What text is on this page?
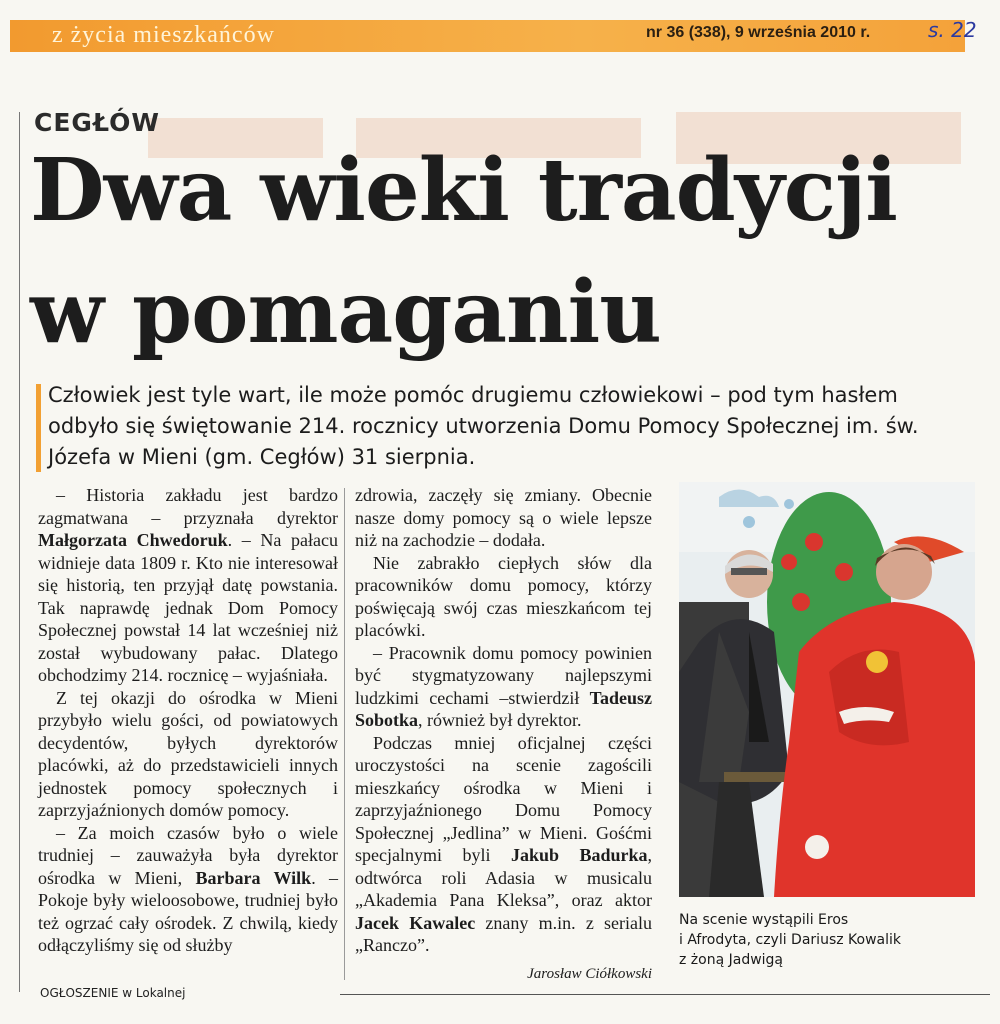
z życia mieszkańców	nr 36 (338), 9 września 2010 r.	s. 22
CEGŁÓW
Dwa wieki tradycji
w pomaganiu
Człowiek jest tyle wart, ile może pomóc drugiemu człowiekowi – pod tym hasłem odbyło się świętowanie 214. rocznicy utworzenia Domu Pomocy Społecznej im. św. Józefa w Mieni (gm. Cegłów) 31 sierpnia.

– Historia zakładu jest bardzo zagmatwana – przyznała dyrektor Małgorzata Chwedoruk. – Na pałacu widnieje data 1809 r. Kto nie interesował się historią, ten przyjął datę powstania. Tak naprawdę jednak Dom Pomocy Społecznej powstał 14 lat wcześniej niż został wybudowany pałac. Dlatego obchodzimy 214. rocznicę – wyjaśniała.

Z tej okazji do ośrodka w Mieni przybyło wielu gości, od powiatowych decydentów, byłych dyrektorów placówki, aż do przedstawicieli innych jednostek pomocy społecznych i zaprzyjaźnionych domów pomocy.

– Za moich czasów było o wiele trudniej – zauważyła była dyrektor ośrodka w Mieni, Barbara Wilk. – Pokoje były wieloosobowe, trudniej było też ogrzać cały ośrodek. Z chwilą, kiedy odłączyliśmy się od służby

zdrowia, zaczęły się zmiany. Obecnie nasze domy pomocy są o wiele lepsze niż na zachodzie – dodała.

Nie zabrakło ciepłych słów dla pracowników domu pomocy, którzy poświęcają swój czas mieszkańcom tej placówki.

– Pracownik domu pomocy powinien być stygmatyzowany najlepszymi ludzkimi cechami –stwierdził Tadeusz Sobotka, również był dyrektor.

Podczas mniej oficjalnej części uroczystości na scenie zagościli mieszkańcy ośrodka w Mieni i zaprzyjaźnionego Domu Pomocy Społecznej „Jedlina” w Mieni. Gośćmi specjalnymi byli Jakub Badurka, odtwórca roli Adasia w musicalu „Akademia Pana Kleksa”, oraz aktor Jacek Kawalec znany m.in. z serialu „Ranczo”.

Jarosław Ciółkowski
Na scenie wystąpili Eros
i Afrodyta, czyli Dariusz Kowalik
z żoną Jadwigą
OGŁOSZENIE w Lokalnej
